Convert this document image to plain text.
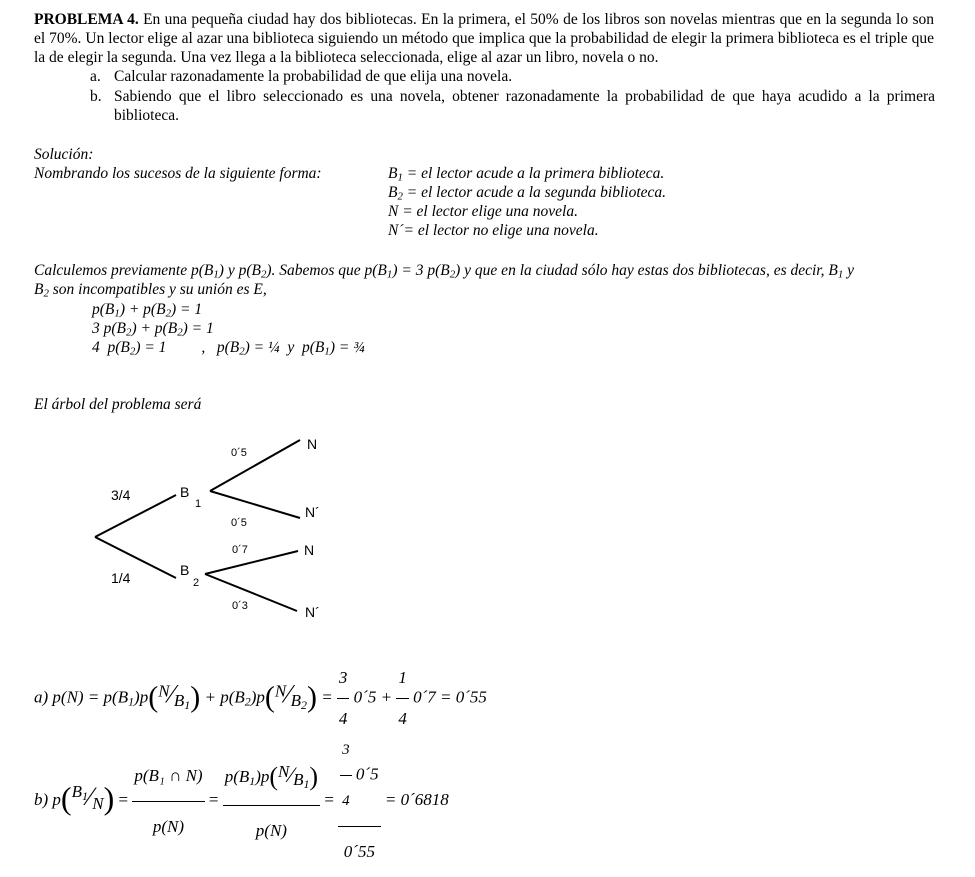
PROBLEMA 4. En una pequeña ciudad hay dos bibliotecas. En la primera, el 50% de los libros son novelas mientras que en la segunda lo son el 70%. Un lector elige al azar una biblioteca siguiendo un método que implica que la probabilidad de elegir la primera biblioteca es el triple que la de elegir la segunda. Una vez llega a la biblioteca seleccionada, elige al azar un libro, novela o no.
a. Calcular razonadamente la probabilidad de que elija una novela.
b. Sabiendo que el libro seleccionado es una novela, obtener razonadamente la probabilidad de que haya acudido a la primera biblioteca.
Solución:
Nombrando los sucesos de la siguiente forma:	$B_1$ = el lector acude a la primera biblioteca.
$B_2$ = el lector acude a la segunda biblioteca.
N = el lector elige una novela.
N´= el lector no elige una novela.
Calculemos previamente $p(B_1)$ y $p(B_2)$. Sabemos que $p(B_1) = 3$ $p(B_2)$ y que en la ciudad sólo hay estas dos bibliotecas, es decir, $B_1$ y
$B_2$ son incompatibles y su unión es E,
$p(B_1) + p(B_2) = 1$
3 $p(B_2) + p(B_2) = 1$
4  $p(B_2) = 1$ ,   $p(B_2)$ = ¼  y  $p(B_1)$ = ¾
El árbol del problema será
3/4
1/4
B
1
B
2
0´5
0´5
0´7
0´3
N
N´
N
N´
a) $p(N) = p(B_1)p(N⁄B_1)$ + $p(B_2)p(N⁄B_2) = \frac{3}{4}$ 0´5 + $\frac{1}{4}$ 0´7 = 0´55
b) $p(B_1⁄N) = \frac{\text{p(B₁ ∩ N)}}{p(N)} = \frac{p(B_1)p(N⁄B_1)}{p(N)} = \frac{\frac{3}{4} 0´5}{0´55}$ = 0´6818
